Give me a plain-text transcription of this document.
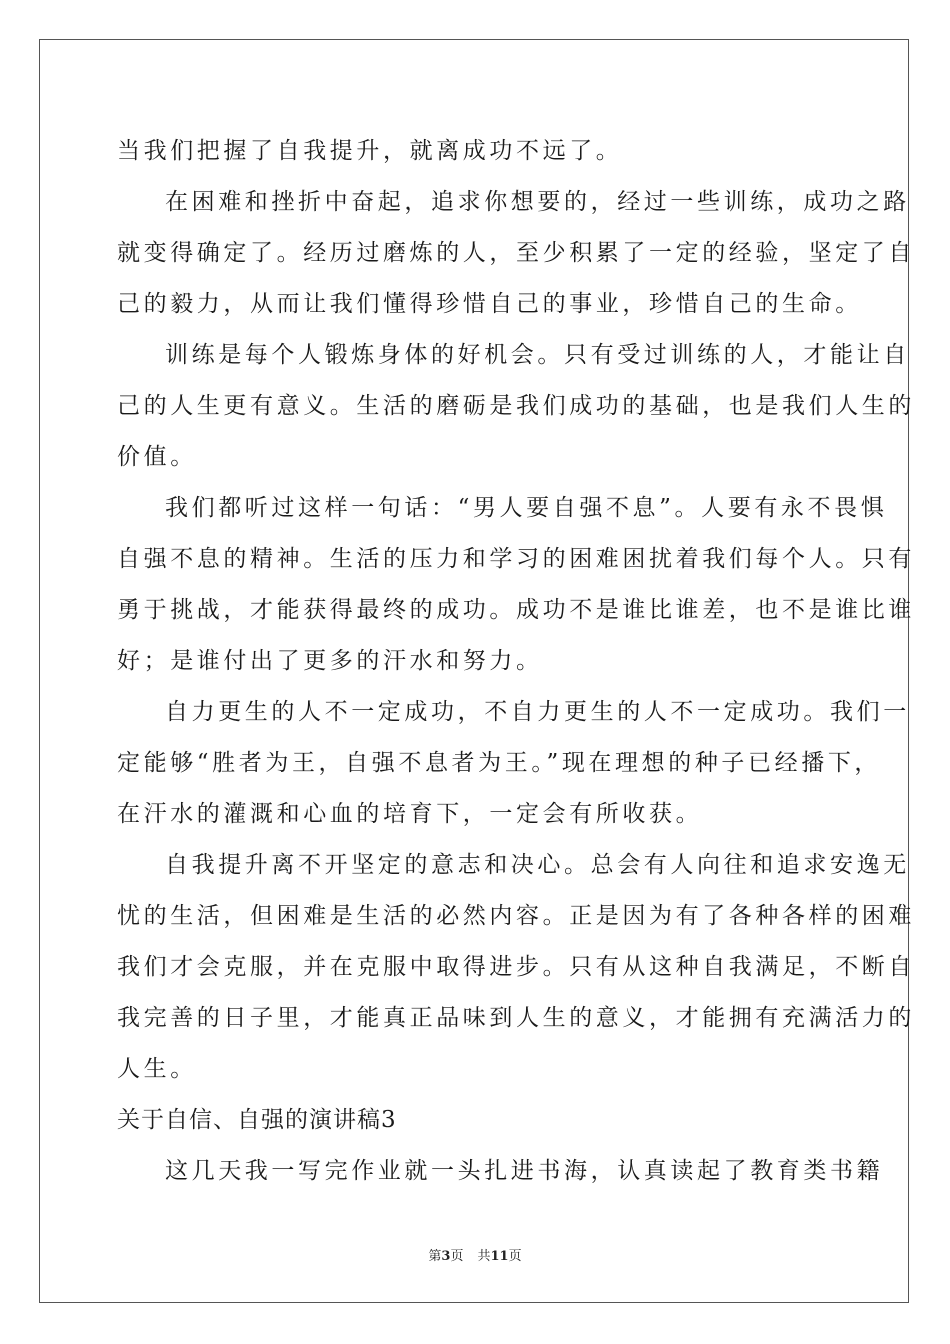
当我们把握了自我提升，就离成功不远了。

在困难和挫折中奋起，追求你想要的，经过一些训练，成功之路

就变得确定了。经历过磨炼的人，至少积累了一定的经验，坚定了自

己的毅力，从而让我们懂得珍惜自己的事业，珍惜自己的生命。

训练是每个人锻炼身体的好机会。只有受过训练的人，才能让自

己的人生更有意义。生活的磨砺是我们成功的基础，也是我们人生的

价值。

我们都听过这样一句话：“男人要自强不息”。人要有永不畏惧

自强不息的精神。生活的压力和学习的困难困扰着我们每个人。只有

勇于挑战，才能获得最终的成功。成功不是谁比谁差，也不是谁比谁

好；是谁付出了更多的汗水和努力。

自力更生的人不一定成功，不自力更生的人不一定成功。我们一

定能够“胜者为王，自强不息者为王。”现在理想的种子已经播下，

在汗水的灌溉和心血的培育下，一定会有所收获。

自我提升离不开坚定的意志和决心。总会有人向往和追求安逸无

忧的生活，但困难是生活的必然内容。正是因为有了各种各样的困难

我们才会克服，并在克服中取得进步。只有从这种自我满足，不断自

我完善的日子里，才能真正品味到人生的意义，才能拥有充满活力的

人生。

关于自信、自强的演讲稿3

这几天我一写完作业就一头扎进书海，认真读起了教育类书籍

第3页 共11页
